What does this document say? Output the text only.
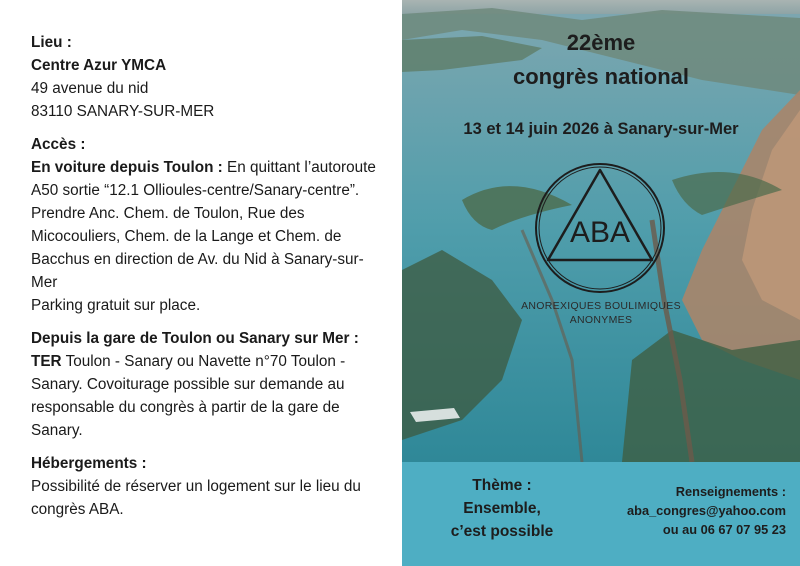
Lieu :

Centre Azur YMCA

49 avenue du nid

83110 SANARY-SUR-MER

Accès :

En voiture depuis Toulon : En quittant l’autoroute A50 sortie “12.1 Ollioules-centre/Sanary-centre”. Prendre Anc. Chem. de Toulon, Rue des Micocouliers, Chem. de la Lange et Chem. de Bacchus en direction de Av. du Nid à Sanary-sur-Mer

Parking gratuit sur place.

Depuis la gare de Toulon ou Sanary sur Mer :

TER Toulon - Sanary ou Navette n°70 Toulon - Sanary. Covoiturage possible sur demande au responsable du congrès à partir de la gare de Sanary.

Hébergements :

Possibilité de réserver un logement sur le lieu du congrès ABA.

22ème
congrès national
13 et 14 juin 2026 à Sanary-sur-Mer
ABA
ANOREXIQUES BOULIMIQUES
ANONYMES
Thème :
Ensemble,
c’est possible
Renseignements :
aba_congres@yahoo.com
ou au 06 67 07 95 23
